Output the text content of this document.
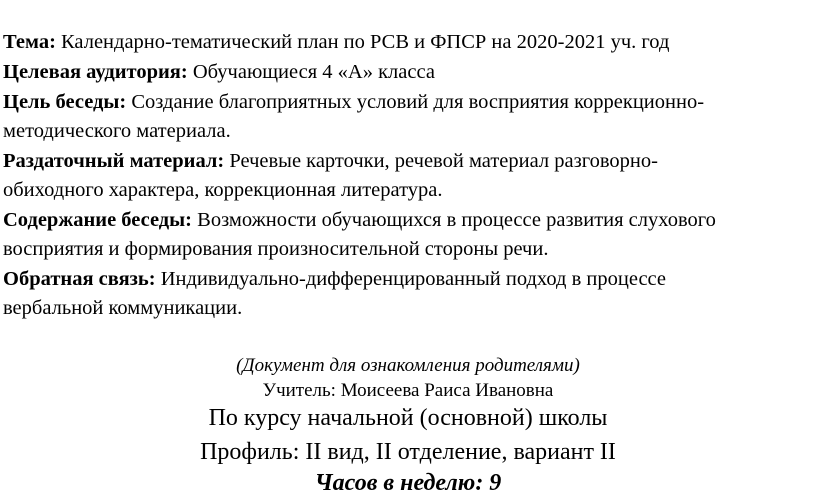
Тема: Календарно-тематический план по РСВ и ФПСР на 2020-2021 уч. год
Целевая аудитория: Обучающиеся 4 «А» класса
Цель беседы: Создание благоприятных условий для восприятия коррекционно-
методического материала.
Раздаточный материал: Речевые карточки, речевой материал разговорно-
обиходного характера, коррекционная литература.
Содержание беседы: Возможности обучающихся в процессе развития слухового
восприятия и формирования произносительной стороны речи.
Обратная связь: Индивидуально-дифференцированный подход в процессе
вербальной коммуникации.
(Документ для ознакомления родителями)
Учитель: Моисеева Раиса Ивановна
По курсу начальной (основной) школы
Профиль: II вид, II отделение, вариант II
Часов в неделю: 9
